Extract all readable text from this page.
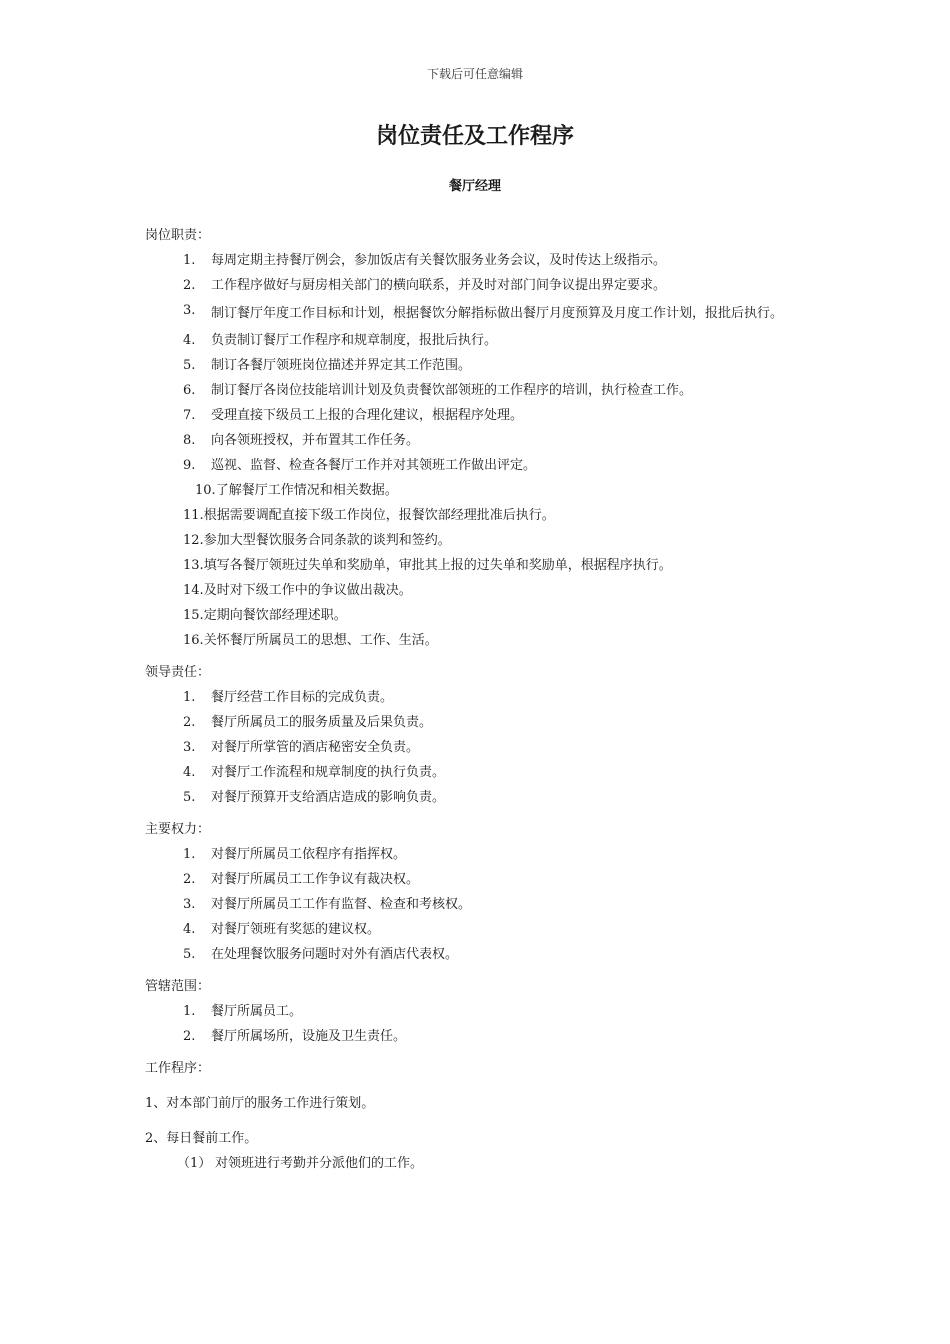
下载后可任意编辑
岗位责任及工作程序
餐厅经理
岗位职责：
1.	每周定期主持餐厅例会，参加饭店有关餐饮服务业务会议，及时传达上级指示。
2.	工作程序做好与厨房相关部门的横向联系，并及时对部门间争议提出界定要求。
3.	制订餐厅年度工作目标和计划，根据餐饮分解指标做出餐厅月度预算及月度工作计划，报批后执行。
4.	负责制订餐厅工作程序和规章制度，报批后执行。
5.	制订各餐厅领班岗位描述并界定其工作范围。
6.	制订餐厅各岗位技能培训计划及负责餐饮部领班的工作程序的培训，执行检查工作。
7.	受理直接下级员工上报的合理化建议，根据程序处理。
8.	向各领班授权，并布置其工作任务。
9.	巡视、监督、检查各餐厅工作并对其领班工作做出评定。
10. 了解餐厅工作情况和相关数据。
11. 根据需要调配直接下级工作岗位，报餐饮部经理批准后执行。
12. 参加大型餐饮服务合同条款的谈判和签约。
13. 填写各餐厅领班过失单和奖励单，审批其上报的过失单和奖励单，根据程序执行。
14. 及时对下级工作中的争议做出裁决。
15. 定期向餐饮部经理述职。
16. 关怀餐厅所属员工的思想、工作、生活。
领导责任：
1.	餐厅经营工作目标的完成负责。
2.	餐厅所属员工的服务质量及后果负责。
3.	对餐厅所掌管的酒店秘密安全负责。
4.	对餐厅工作流程和规章制度的执行负责。
5.	对餐厅预算开支给酒店造成的影响负责。
主要权力：
1.	对餐厅所属员工依程序有指挥权。
2.	对餐厅所属员工工作争议有裁决权。
3.	对餐厅所属员工工作有监督、检查和考核权。
4.	对餐厅领班有奖惩的建议权。
5.	在处理餐饮服务问题时对外有酒店代表权。
管辖范围：
1.	餐厅所属员工。
2.	餐厅所属场所，设施及卫生责任。

工作程序：

1、对本部门前厅的服务工作进行策划。

2、每日餐前工作。

（1） 对领班进行考勤并分派他们的工作。
